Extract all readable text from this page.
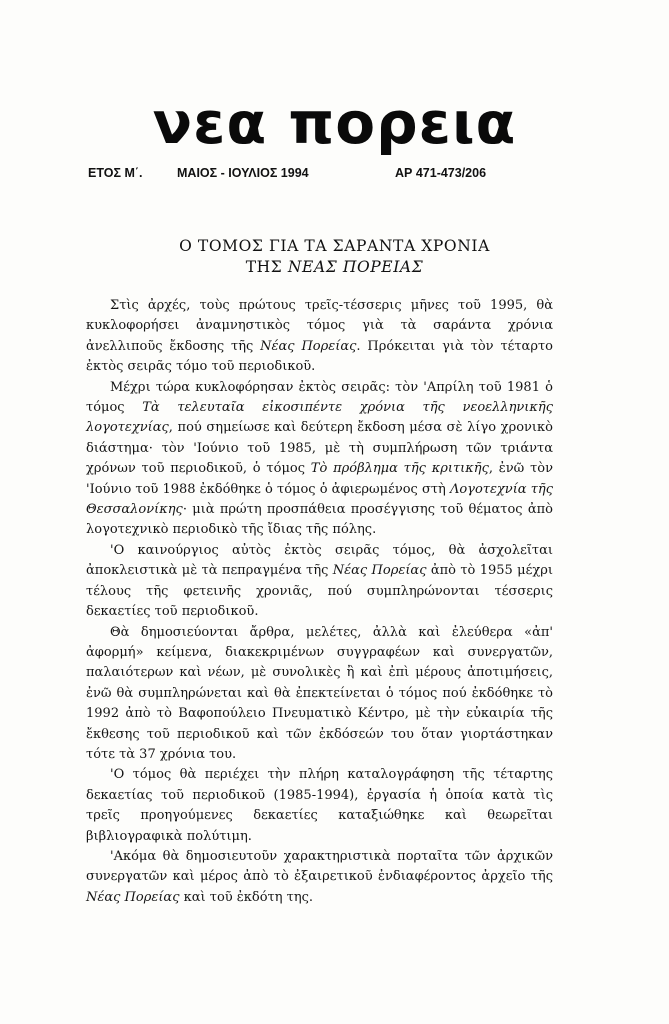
νεα πορεια
ΕΤΟΣ Μ΄.	ΜΑΙΟΣ - ΙΟΥΛΙΟΣ 1994	ΑΡ 471-473/206
Ο ΤΟΜΟΣ ΓΙΑ ΤΑ ΣΑΡΑΝΤΑ ΧΡΟΝΙΑ
ΤΗΣ ΝΕΑΣ ΠΟΡΕΙΑΣ

Στὶς ἀρχές, τοὺς πρώτους τρεῖς-τέσσερις μῆνες τοῦ 1995, θὰ κυκλοφορήσει ἀναμνηστικὸς τόμος γιὰ τὰ σαράντα χρόνια ἀνελλιποῦς ἔκδοσης τῆς Νέας Πορείας. Πρόκειται γιὰ τὸν τέταρτο ἐκτὸς σειρᾶς τόμο τοῦ περιοδικοῦ.

Μέχρι τώρα κυκλοφόρησαν ἐκτὸς σειρᾶς: τὸν 'Απρίλη τοῦ 1981 ὁ τόμος Τὰ τελευταῖα εἰκοσιπέντε χρόνια τῆς νεοελληνικῆς λογοτεχνίας, πού σημείωσε καὶ δεύτερη ἔκδοση μέσα σὲ λίγο χρονικὸ διάστημα· τὸν 'Ιούνιο τοῦ 1985, μὲ τὴ συμπλήρωση τῶν τριάντα χρόνων τοῦ περιοδικοῦ, ὁ τόμος Τὸ πρόβλημα τῆς κριτικῆς, ἐνῶ τὸν 'Ιούνιο τοῦ 1988 ἐκδόθηκε ὁ τόμος ὁ ἀφιερωμένος στὴ Λογοτεχνία τῆς Θεσσαλονίκης· μιὰ πρώτη προσπάθεια προσέγγισης τοῦ θέματος ἀπὸ λογοτεχνικὸ περιοδικὸ τῆς ἴδιας τῆς πόλης.

'Ο καινούργιος αὐτὸς ἐκτὸς σειρᾶς τόμος, θὰ ἀσχολεῖται ἀποκλειστικὰ μὲ τὰ πεπραγμένα τῆς Νέας Πορείας ἀπὸ τὸ 1955 μέχρι τέλους τῆς φετεινῆς χρονιᾶς, πού συμπληρώνονται τέσσερις δεκαετίες τοῦ περιοδικοῦ.

Θὰ δημοσιεύονται ἄρθρα, μελέτες, ἀλλὰ καὶ ἐλεύθερα «ἀπ' ἀφορμή» κείμενα, διακεκριμένων συγγραφέων καὶ συνεργατῶν, παλαιότερων καὶ νέων, μὲ συνολικὲς ἢ καὶ ἐπὶ μέρους ἀποτιμήσεις, ἐνῶ θὰ συμπληρώνεται καὶ θὰ ἐπεκτείνεται ὁ τόμος πού ἐκδόθηκε τὸ 1992 ἀπὸ τὸ Βαφοπούλειο Πνευματικὸ Κέντρο, μὲ τὴν εὐκαιρία τῆς ἔκθεσης τοῦ περιοδικοῦ καὶ τῶν ἐκδόσεών του ὅταν γιορτάστηκαν τότε τὰ 37 χρόνια του.

'Ο τόμος θὰ περιέχει τὴν πλήρη καταλογράφηση τῆς τέταρτης δεκαετίας τοῦ περιοδικοῦ (1985-1994), ἐργασία ἡ ὁποία κατὰ τὶς τρεῖς προηγούμενες δεκαετίες καταξιώθηκε καὶ θεωρεῖται βιβλιογραφικὰ πολύτιμη.

'Ακόμα θὰ δημοσιευτοῦν χαρακτηριστικὰ πορταῖτα τῶν ἀρχικῶν συνεργατῶν καὶ μέρος ἀπὸ τὸ ἐξαιρετικοῦ ἐνδιαφέροντος ἀρχεῖο τῆς Νέας Πορείας καὶ τοῦ ἐκδότη της.
